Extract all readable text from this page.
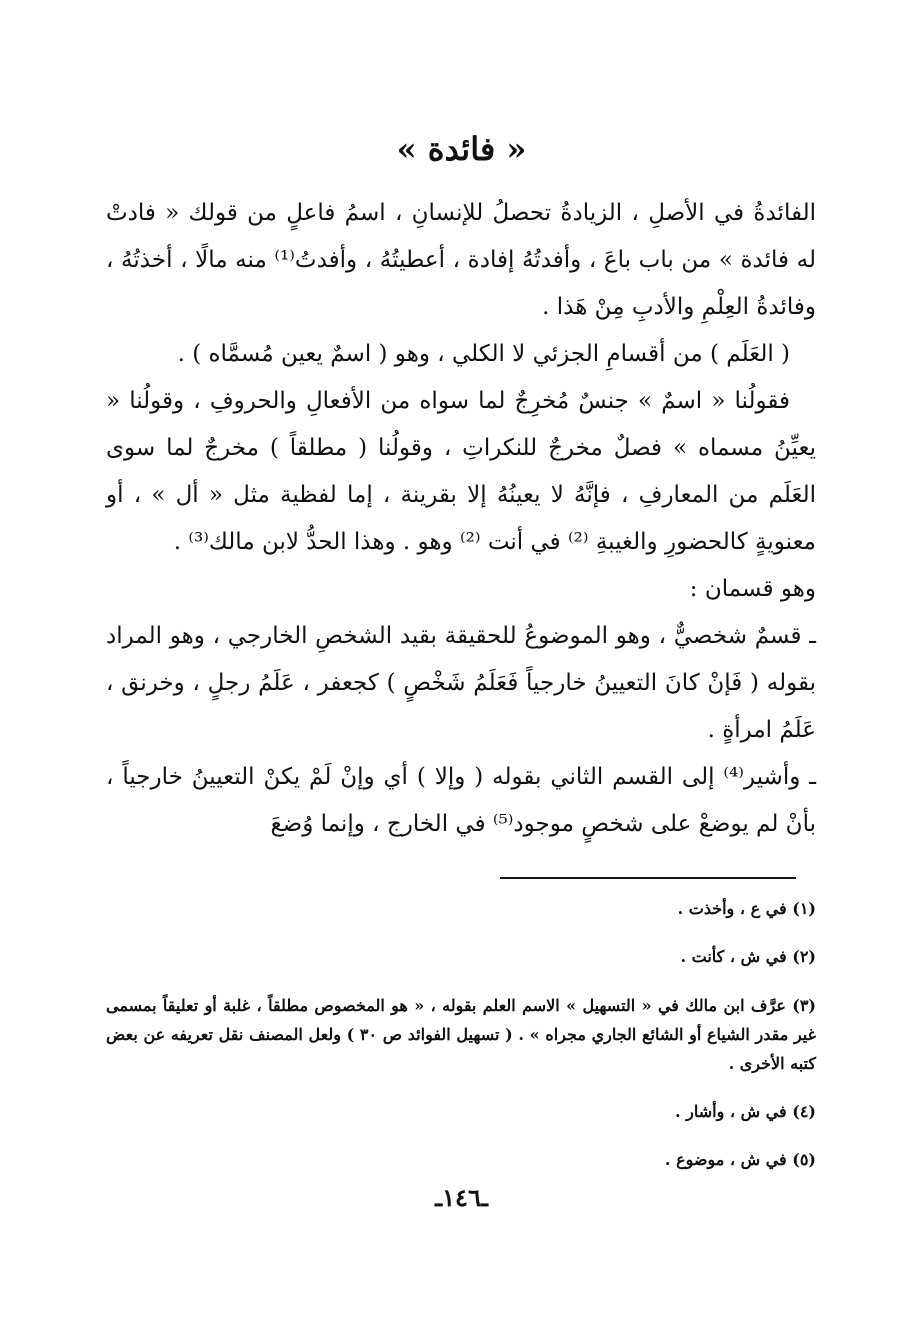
« فائدة »

الفائدةُ في الأصلِ ، الزيادةُ تحصلُ للإنسانِ ، اسمُ فاعلٍ من قولك « فادتْ له فائدة » من باب باعَ ، وأفدتُهُ إفادة ، أعطيتُهُ ، وأفدتُ⁽¹⁾ منه مالًا ، أخذتُهُ ، وفائدةُ العِلْمِ والأدبِ مِنْ هَذا .

( العَلَم ) من أقسامِ الجزئي لا الكلي ، وهو ( اسمٌ يعين مُسمَّاه ) .

فقولُنا « اسمٌ » جنسٌ مُخرِجٌ لما سواه من الأفعالِ والحروفِ ، وقولُنا « يعيِّنُ مسماه » فصلٌ مخرجٌ للنكراتِ ، وقولُنا ( مطلقاً ) مخرجٌ لما سوى العَلَم من المعارفِ ، فإنَّهُ لا يعينُهُ إلا بقرينة ، إما لفظية مثل « أل » ، أو معنويةٍ كالحضورِ والغيبةِ ⁽²⁾ في أنت ⁽²⁾ وهو . وهذا الحدُّ لابن مالك⁽³⁾ .

وهو قسمان :

ـ قسمٌ شخصيٌّ ، وهو الموضوعُ للحقيقة بقيد الشخصِ الخارجي ، وهو المراد بقوله ( فَإنْ كانَ التعيينُ خارجياً فَعَلَمُ شَخْصٍ ) كجعفر ، عَلَمُ رجلٍ ، وخرنق ، عَلَمُ امرأةٍ .

ـ وأشير⁽⁴⁾ إلى القسم الثاني بقوله ( وإلا ) أي وإنْ لَمْ يكنْ التعيينُ خارجياً ، بأنْ لم يوضعْ على شخصٍ موجود⁽⁵⁾ في الخارج ، وإنما وُضعَ

(١) في ع ، وأخذت .

(٢) في ش ، كأنت .

(٣) عرَّف ابن مالك في « التسهيل » الاسم العلم بقوله ، « هو المخصوص مطلقاً ، غلبة أو تعليقاً بمسمى غير مقدر الشياع أو الشائع الجاري مجراه » . ( تسهيل الفوائد ص ٣٠ ) ولعل المصنف نقل تعريفه عن بعض كتبه الأخرى .

(٤) في ش ، وأشار .

(٥) في ش ، موضوع .

ـ١٤٦ـ
